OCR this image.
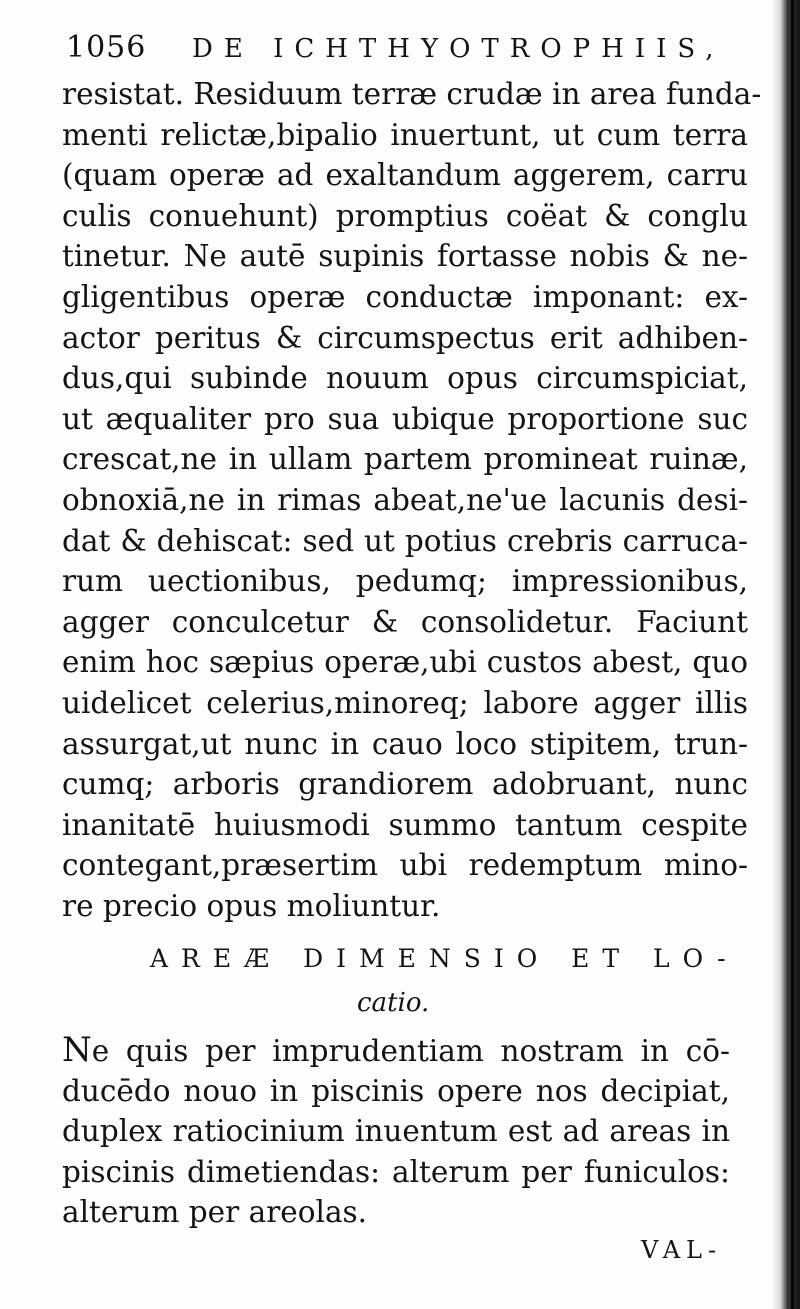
1056 DE ICHTHYOTROPHIIS,
resistat. Residuum terræ crudæ in area funda-
menti relictæ,bipalio inuertunt, ut cum terra
(quam operæ ad exaltandum aggerem, carru
culis conuehunt) promptius coëat & conglu
tinetur. Ne autē supinis fortasse nobis & ne-
gligentibus operæ conductæ imponant: ex-
actor peritus & circumspectus erit adhiben-
dus,qui subinde nouum opus circumspiciat,
ut æqualiter pro sua ubique proportione suc
crescat,ne in ullam partem promineat ruinæ,
obnoxiā,ne in rimas abeat,ne'ue lacunis desi-
dat & dehiscat: sed ut potius crebris carruca-
rum uectionibus, pedumq; impressionibus,
agger conculcetur & consolidetur. Faciunt
enim hoc sæpius operæ,ubi custos abest, quo
uidelicet celerius,minoreq; labore agger illis
assurgat,ut nunc in cauo loco stipitem, trun-
cumq; arboris grandiorem adobruant, nunc
inanitatē huiusmodi summo tantum cespite
contegant,præsertim ubi redemptum mino-
re precio opus moliuntur.
AREÆ DIMENSIO ET LO-
catio.
Ne quis per imprudentiam nostram in cō-
ducēdo nouo in piscinis opere nos decipiat,
duplex ratiocinium inuentum est ad areas in
piscinis dimetiendas: alterum per funiculos:
alterum per areolas.
VAL-
